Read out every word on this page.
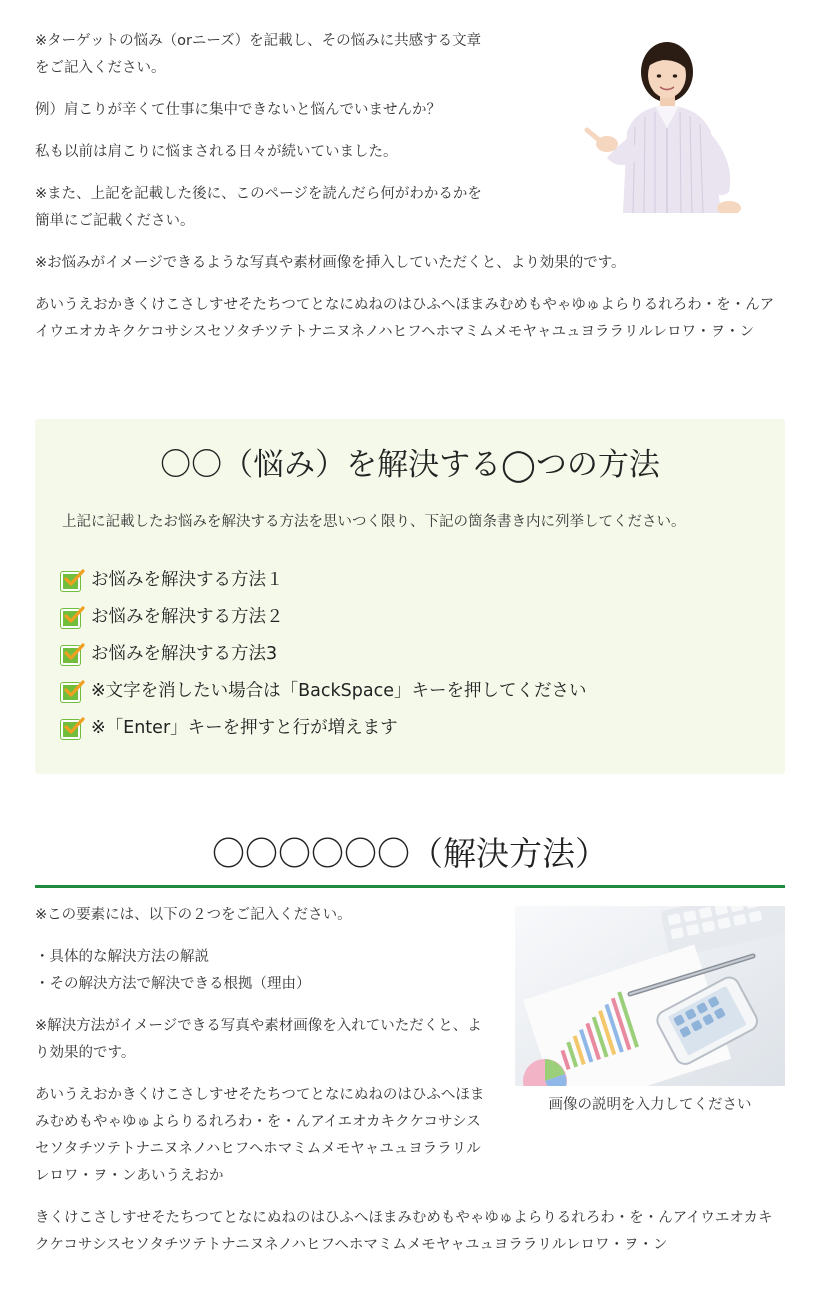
※ターゲットの悩み（orニーズ）を記載し、その悩みに共感する文章をご記入ください。

例）肩こりが辛くて仕事に集中できないと悩んでいませんか？

私も以前は肩こりに悩まされる日々が続いていました。

※また、上記を記載した後に、このページを読んだら何がわかるかを簡単にご記載ください。

※お悩みがイメージできるような写真や素材画像を挿入していただくと、より効果的です。

あいうえおかきくけこさしすせそたちつてとなにぬねのはひふへほまみむめもやゃゆゅよらりるれろわ・を・んアイウエオカキクケコサシスセソタチツテトナニヌネノハヒフヘホマミムメモヤャユュヨララリルレロワ・ヲ・ン

〇〇（悩み）を解決する◯つの方法

上記に記載したお悩みを解決する方法を思いつく限り、下記の箇条書き内に列挙してください。

お悩みを解決する方法１
お悩みを解決する方法２
お悩みを解決する方法3
※文字を消したい場合は「BackSpace」キーを押してください
※「Enter」キーを押すと行が増えます
〇〇〇〇〇〇（解決方法）
画像の説明を入力してください

※この要素には、以下の２つをご記入ください。

・具体的な解決方法の解説
・その解決方法で解決できる根拠（理由）

※解決方法がイメージできる写真や素材画像を入れていただくと、より効果的です。

あいうえおかきくけこさしすせそたちつてとなにぬねのはひふへほまみむめもやゃゆゅよらりるれろわ・を・んアイエオカキクケコサシスセソタチツテトナニヌネノハヒフヘホマミムメモヤャユュヨララリルレロワ・ヲ・ンあいうえおか

きくけこさしすせそたちつてとなにぬねのはひふへほまみむめもやゃゆゅよらりるれろわ・を・んアイウエオカキクケコサシスセソタチツテトナニヌネノハヒフヘホマミムメモヤャユュヨララリルレロワ・ヲ・ン
